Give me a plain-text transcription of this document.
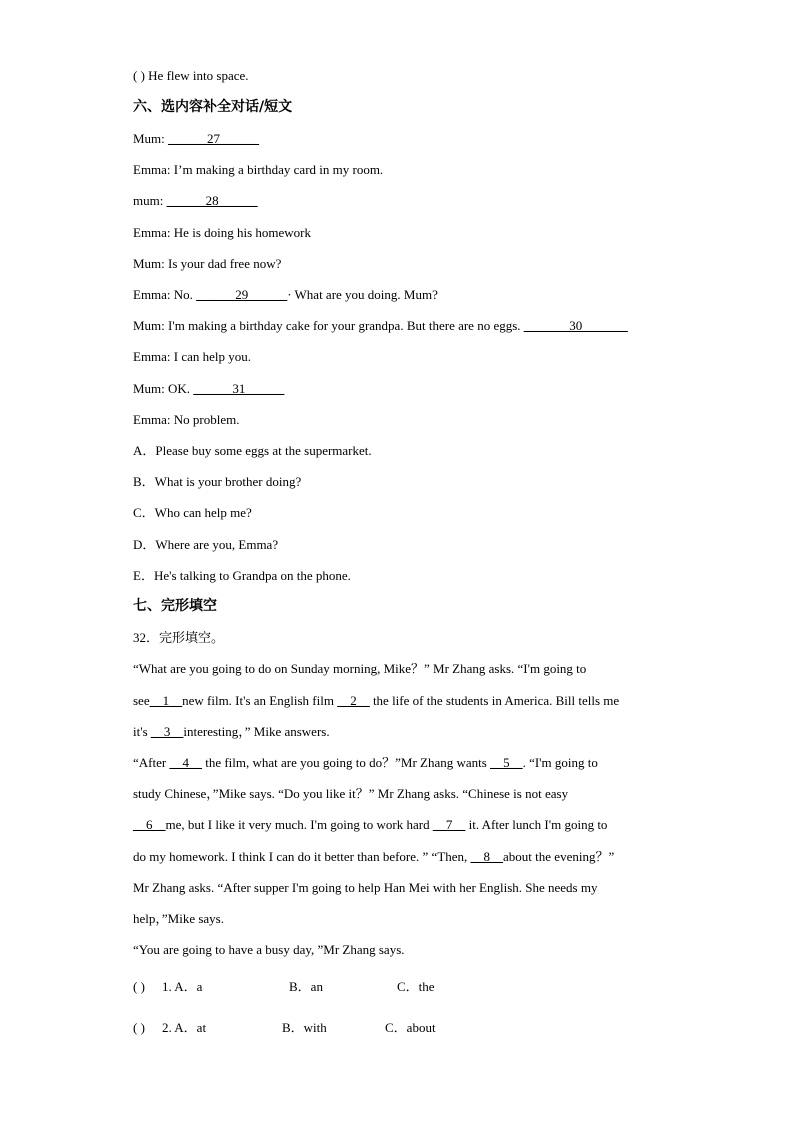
( ) He flew into space.
六、选内容补全对话/短文
Mum: ______27______
Emma: I’m making a birthday card in my room.
mum: ______28______
Emma: He is doing his homework
Mum: Is your dad free now?
Emma: No. ______29______· What are you doing. Mum?
Mum: I'm making a birthday cake for your grandpa. But there are no eggs. _______30_______
Emma: I can help you.
Mum: OK. ______31______
Emma: No problem.
A．Please buy some eggs at the supermarket.
B．What is your brother doing?
C．Who can help me?
D．Where are you, Emma?
E．He's talking to Grandpa on the phone.
七、完形填空
32．完形填空。
“What are you going to do on Sunday morning, Mike？” Mr Zhang asks. “I'm going to
see__1__new film. It's an English film __2__ the life of the students in America. Bill tells me
it's __3__interesting，” Mike answers.
“After __4__ the film, what are you going to do？”Mr Zhang wants __5__. “I'm going to
study Chinese，”Mike says. “Do you like it？” Mr Zhang asks. “Chinese is not easy
__6__me, but I like it very much. I'm going to work hard __7__ it. After lunch I'm going to
do my homework. I think I can do it better than before. ” “Then, __8__about the evening？”
Mr Zhang asks. “After supper I'm going to help Han Mei with her English. She needs my
help，”Mike says.
“You are going to have a busy day, ”Mr Zhang says.
( ) 1. A．a	B．an	C．the
( ) 2. A．at	B．with	C．about
